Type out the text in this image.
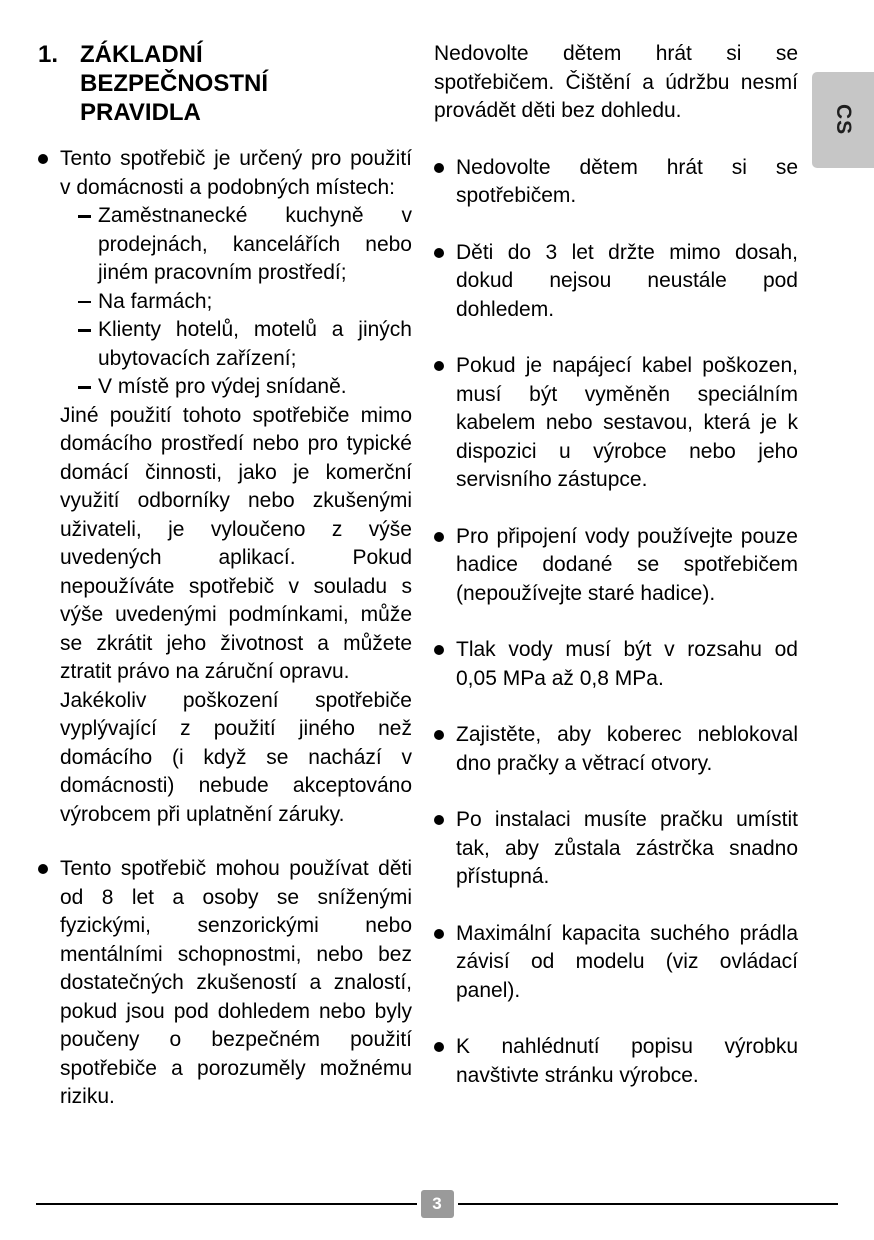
1. ZÁKLADNÍ BEZPEČNOSTNÍ PRAVIDLA
Tento spotřebič je určený pro použití v domácnosti a podobných místech:
Zaměstnanecké kuchyně v prodejnách, kancelářích nebo jiném pracovním prostředí;
Na farmách;
Klienty hotelů, motelů a jiných ubytovacích zařízení;
V místě pro výdej snídaně.
Jiné použití tohoto spotřebiče mimo domácího prostředí nebo pro typické domácí činnosti, jako je komerční využití odborníky nebo zkušenými uživateli, je vyloučeno z výše uvedených aplikací. Pokud nepoužíváte spotřebič v souladu s výše uvedenými podmínkami, může se zkrátit jeho životnost a můžete ztratit právo na záruční opravu.
Jakékoliv poškození spotřebiče vyplývající z použití jiného než domácího (i když se nachází v domácnosti) nebude akceptováno výrobcem při uplatnění záruky.
Tento spotřebič mohou používat děti od 8 let a osoby se sníženými fyzickými, senzorickými nebo mentálními schopnostmi, nebo bez dostatečných zkušeností a znalostí, pokud jsou pod dohledem nebo byly poučeny o bezpečném použití spotřebiče a porozuměly možnému riziku.
Nedovolte dětem hrát si se spotřebičem. Čištění a údržbu nesmí provádět děti bez dohledu.
Nedovolte dětem hrát si se spotřebičem.
Děti do 3 let držte mimo dosah, dokud nejsou neustále pod dohledem.
Pokud je napájecí kabel poškozen, musí být vyměněn speciálním kabelem nebo sestavou, která je k dispozici u výrobce nebo jeho servisního zástupce.
Pro připojení vody používejte pouze hadice dodané se spotřebičem (nepoužívejte staré hadice).
Tlak vody musí být v rozsahu od 0,05 MPa až 0,8 MPa.
Zajistěte, aby koberec neblokoval dno pračky a větrací otvory.
Po instalaci musíte pračku umístit tak, aby zůstala zástrčka snadno přístupná.
Maximální kapacita suchého prádla závisí od modelu (viz ovládací panel).
K nahlédnutí popisu výrobku navštivte stránku výrobce.
CS
3
